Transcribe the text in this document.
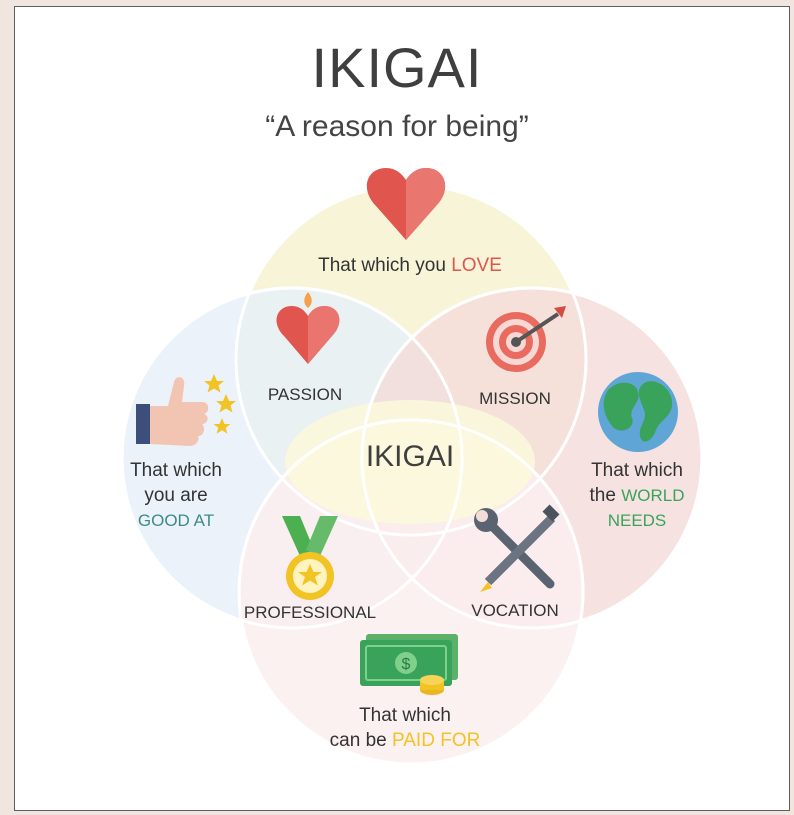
IKIGAI
“A reason for being”
$
That which you LOVE
That which
you are
GOOD AT
That which
the WORLD
NEEDS
That which
can be PAID FOR
PASSION	MISSION
PROFESSIONAL	VOCATION
IKIGAI
